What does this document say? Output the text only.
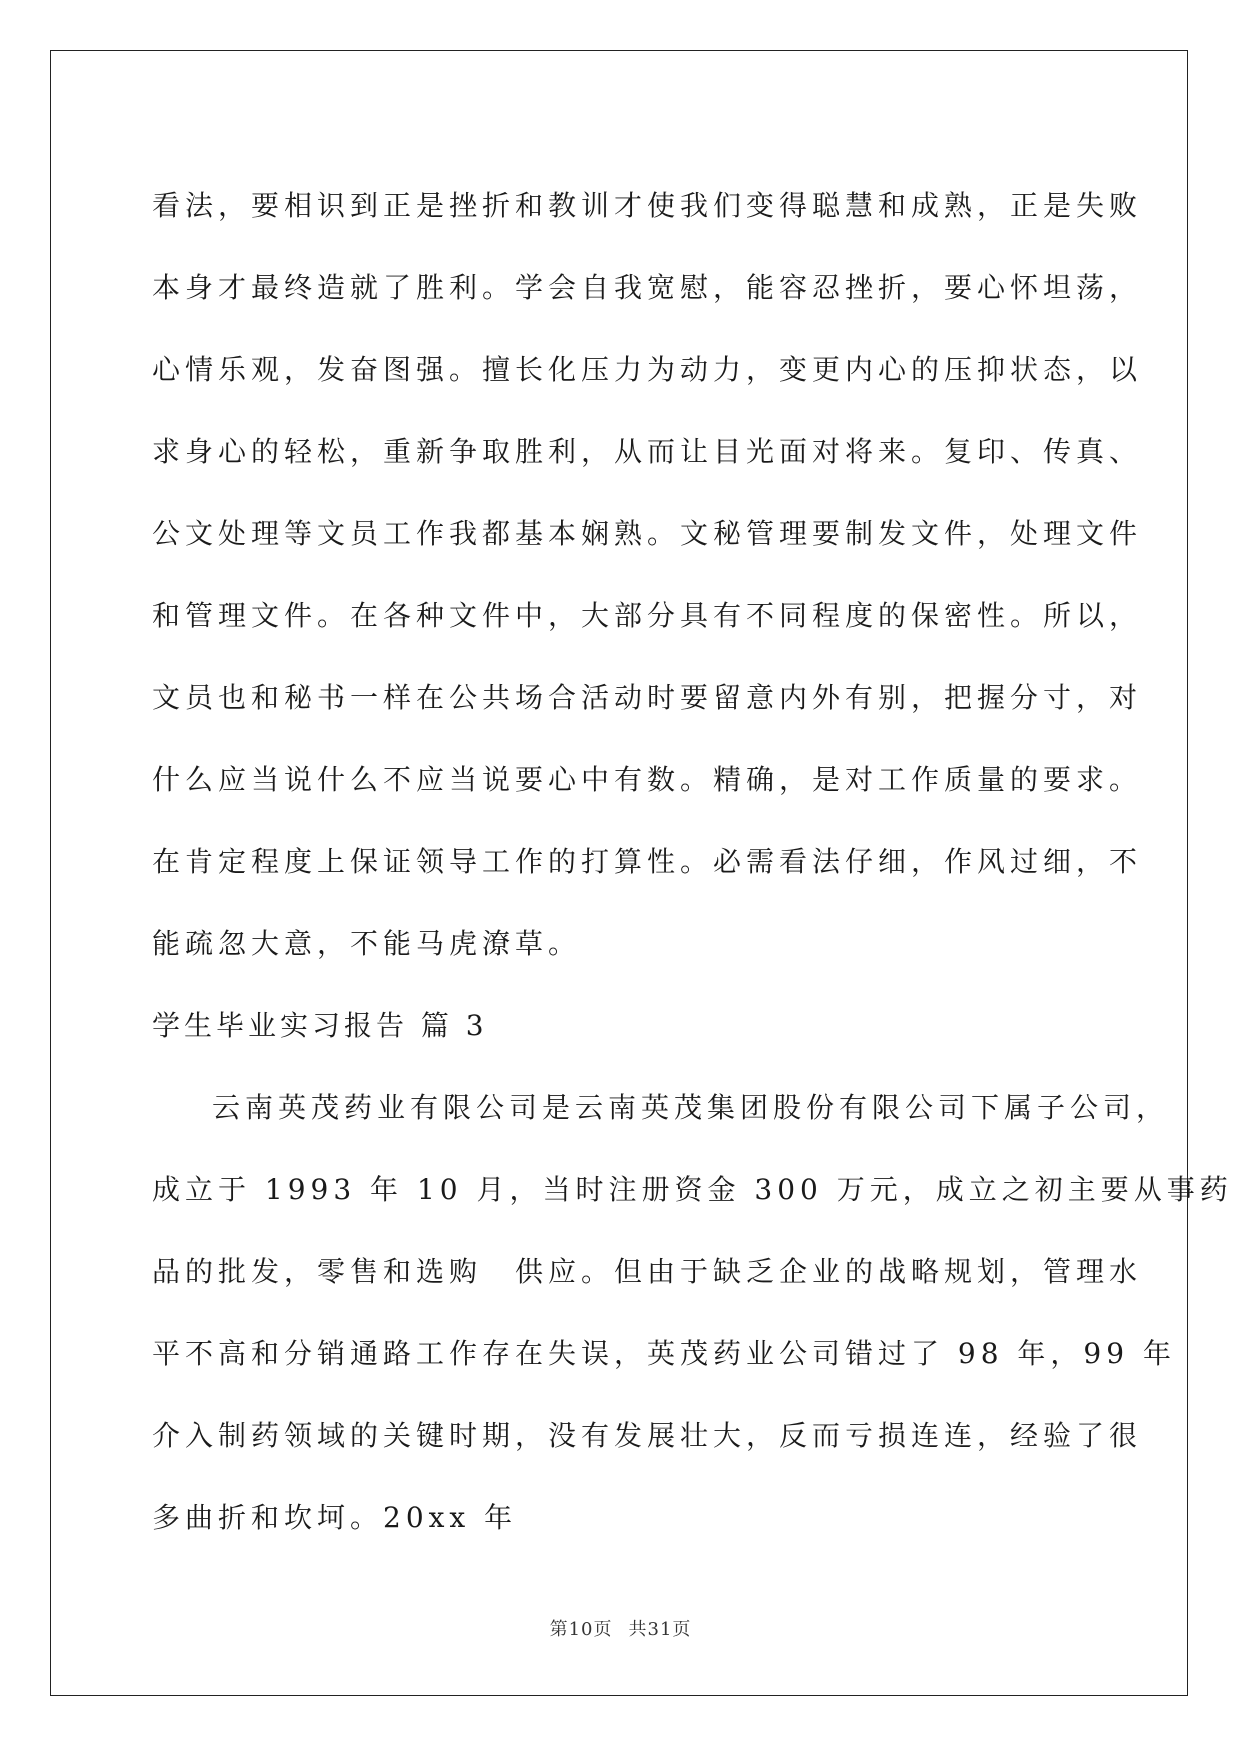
看法，要相识到正是挫折和教训才使我们变得聪慧和成熟，正是失败
本身才最终造就了胜利。学会自我宽慰，能容忍挫折，要心怀坦荡，
心情乐观，发奋图强。擅长化压力为动力，变更内心的压抑状态，以
求身心的轻松，重新争取胜利，从而让目光面对将来。复印、传真、
公文处理等文员工作我都基本娴熟。文秘管理要制发文件，处理文件
和管理文件。在各种文件中，大部分具有不同程度的保密性。所以，
文员也和秘书一样在公共场合活动时要留意内外有别，把握分寸，对
什么应当说什么不应当说要心中有数。精确，是对工作质量的要求。
在肯定程度上保证领导工作的打算性。必需看法仔细，作风过细，不
能疏忽大意，不能马虎潦草。
学生毕业实习报告 篇 3
云南英茂药业有限公司是云南英茂集团股份有限公司下属子公司，
成立于 1993 年 10 月，当时注册资金 300 万元，成立之初主要从事药
品的批发，零售和选购　供应。但由于缺乏企业的战略规划，管理水
平不高和分销通路工作存在失误，英茂药业公司错过了 98 年，99 年
介入制药领域的关键时期，没有发展壮大，反而亏损连连，经验了很
多曲折和坎坷。20xx 年
第10页 共31页
